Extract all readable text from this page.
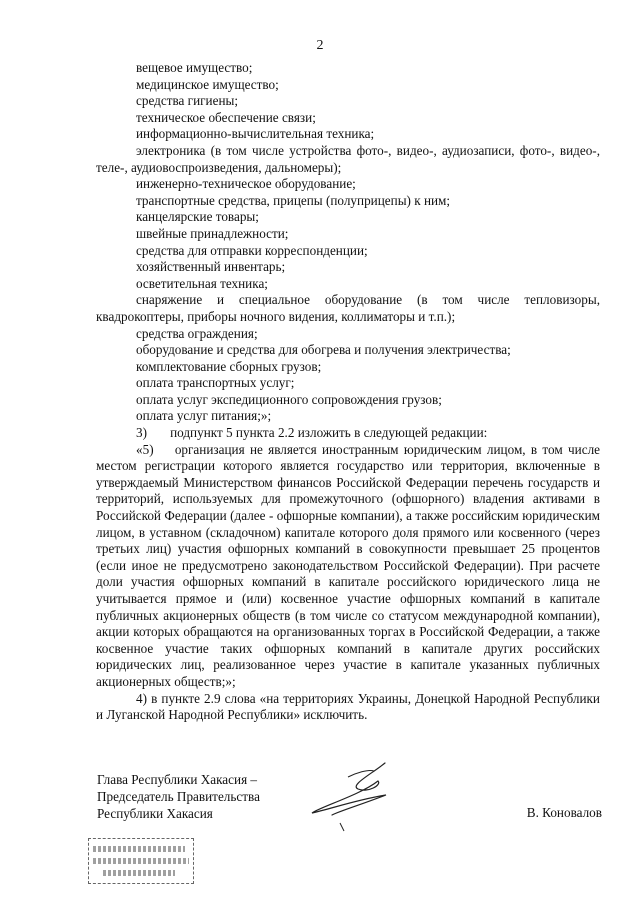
2

вещевое имущество;

медицинское имущество;

средства гигиены;

техническое обеспечение связи;

информационно-вычислительная техника;

электроника (в том числе устройства фото-, видео-, аудиозаписи, фото-, видео-, теле-, аудиовоспроизведения, дальномеры);

инженерно-техническое оборудование;

транспортные средства, прицепы (полуприцепы) к ним;

канцелярские товары;

швейные принадлежности;

средства для отправки корреспонденции;

хозяйственный инвентарь;

осветительная техника;

снаряжение и специальное оборудование (в том числе тепловизоры, квадрокоптеры, приборы ночного видения, коллиматоры и т.п.);

средства ограждения;

оборудование и средства для обогрева и получения электричества;

комплектование сборных грузов;

оплата транспортных услуг;

оплата услуг экспедиционного сопровождения грузов;

оплата услуг питания;»;

3)       подпункт 5 пункта 2.2 изложить в следующей редакции:

«5)    организация не является иностранным юридическим лицом, в том числе местом регистрации которого является государство или территория, включенные в утверждаемый Министерством финансов Российской Федерации перечень государств и территорий, используемых для промежуточного (офшорного) владения активами в Российской Федерации (далее - офшорные компании), а также российским юридическим лицом, в уставном (складочном) капитале которого доля прямого или косвенного (через третьих лиц) участия офшорных компаний в совокупности превышает 25 процентов (если иное не предусмотрено законодательством Российской Федерации). При расчете доли участия офшорных компаний в капитале российского юридического лица не учитывается прямое и (или) косвенное участие офшорных компаний в капитале публичных акционерных обществ (в том числе со статусом международной компании), акции которых обращаются на организованных торгах в Российской Федерации, а также косвенное участие таких офшорных компаний в капитале других российских юридических лиц, реализованное через участие в капитале указанных публичных акционерных обществ;»;

4) в пункте 2.9 слова «на территориях Украины, Донецкой Народной Республики и Луганской Народной Республики» исключить.

Глава Республики Хакасия –
Председатель Правительства
Республики Хакасия	В. Коновалов
